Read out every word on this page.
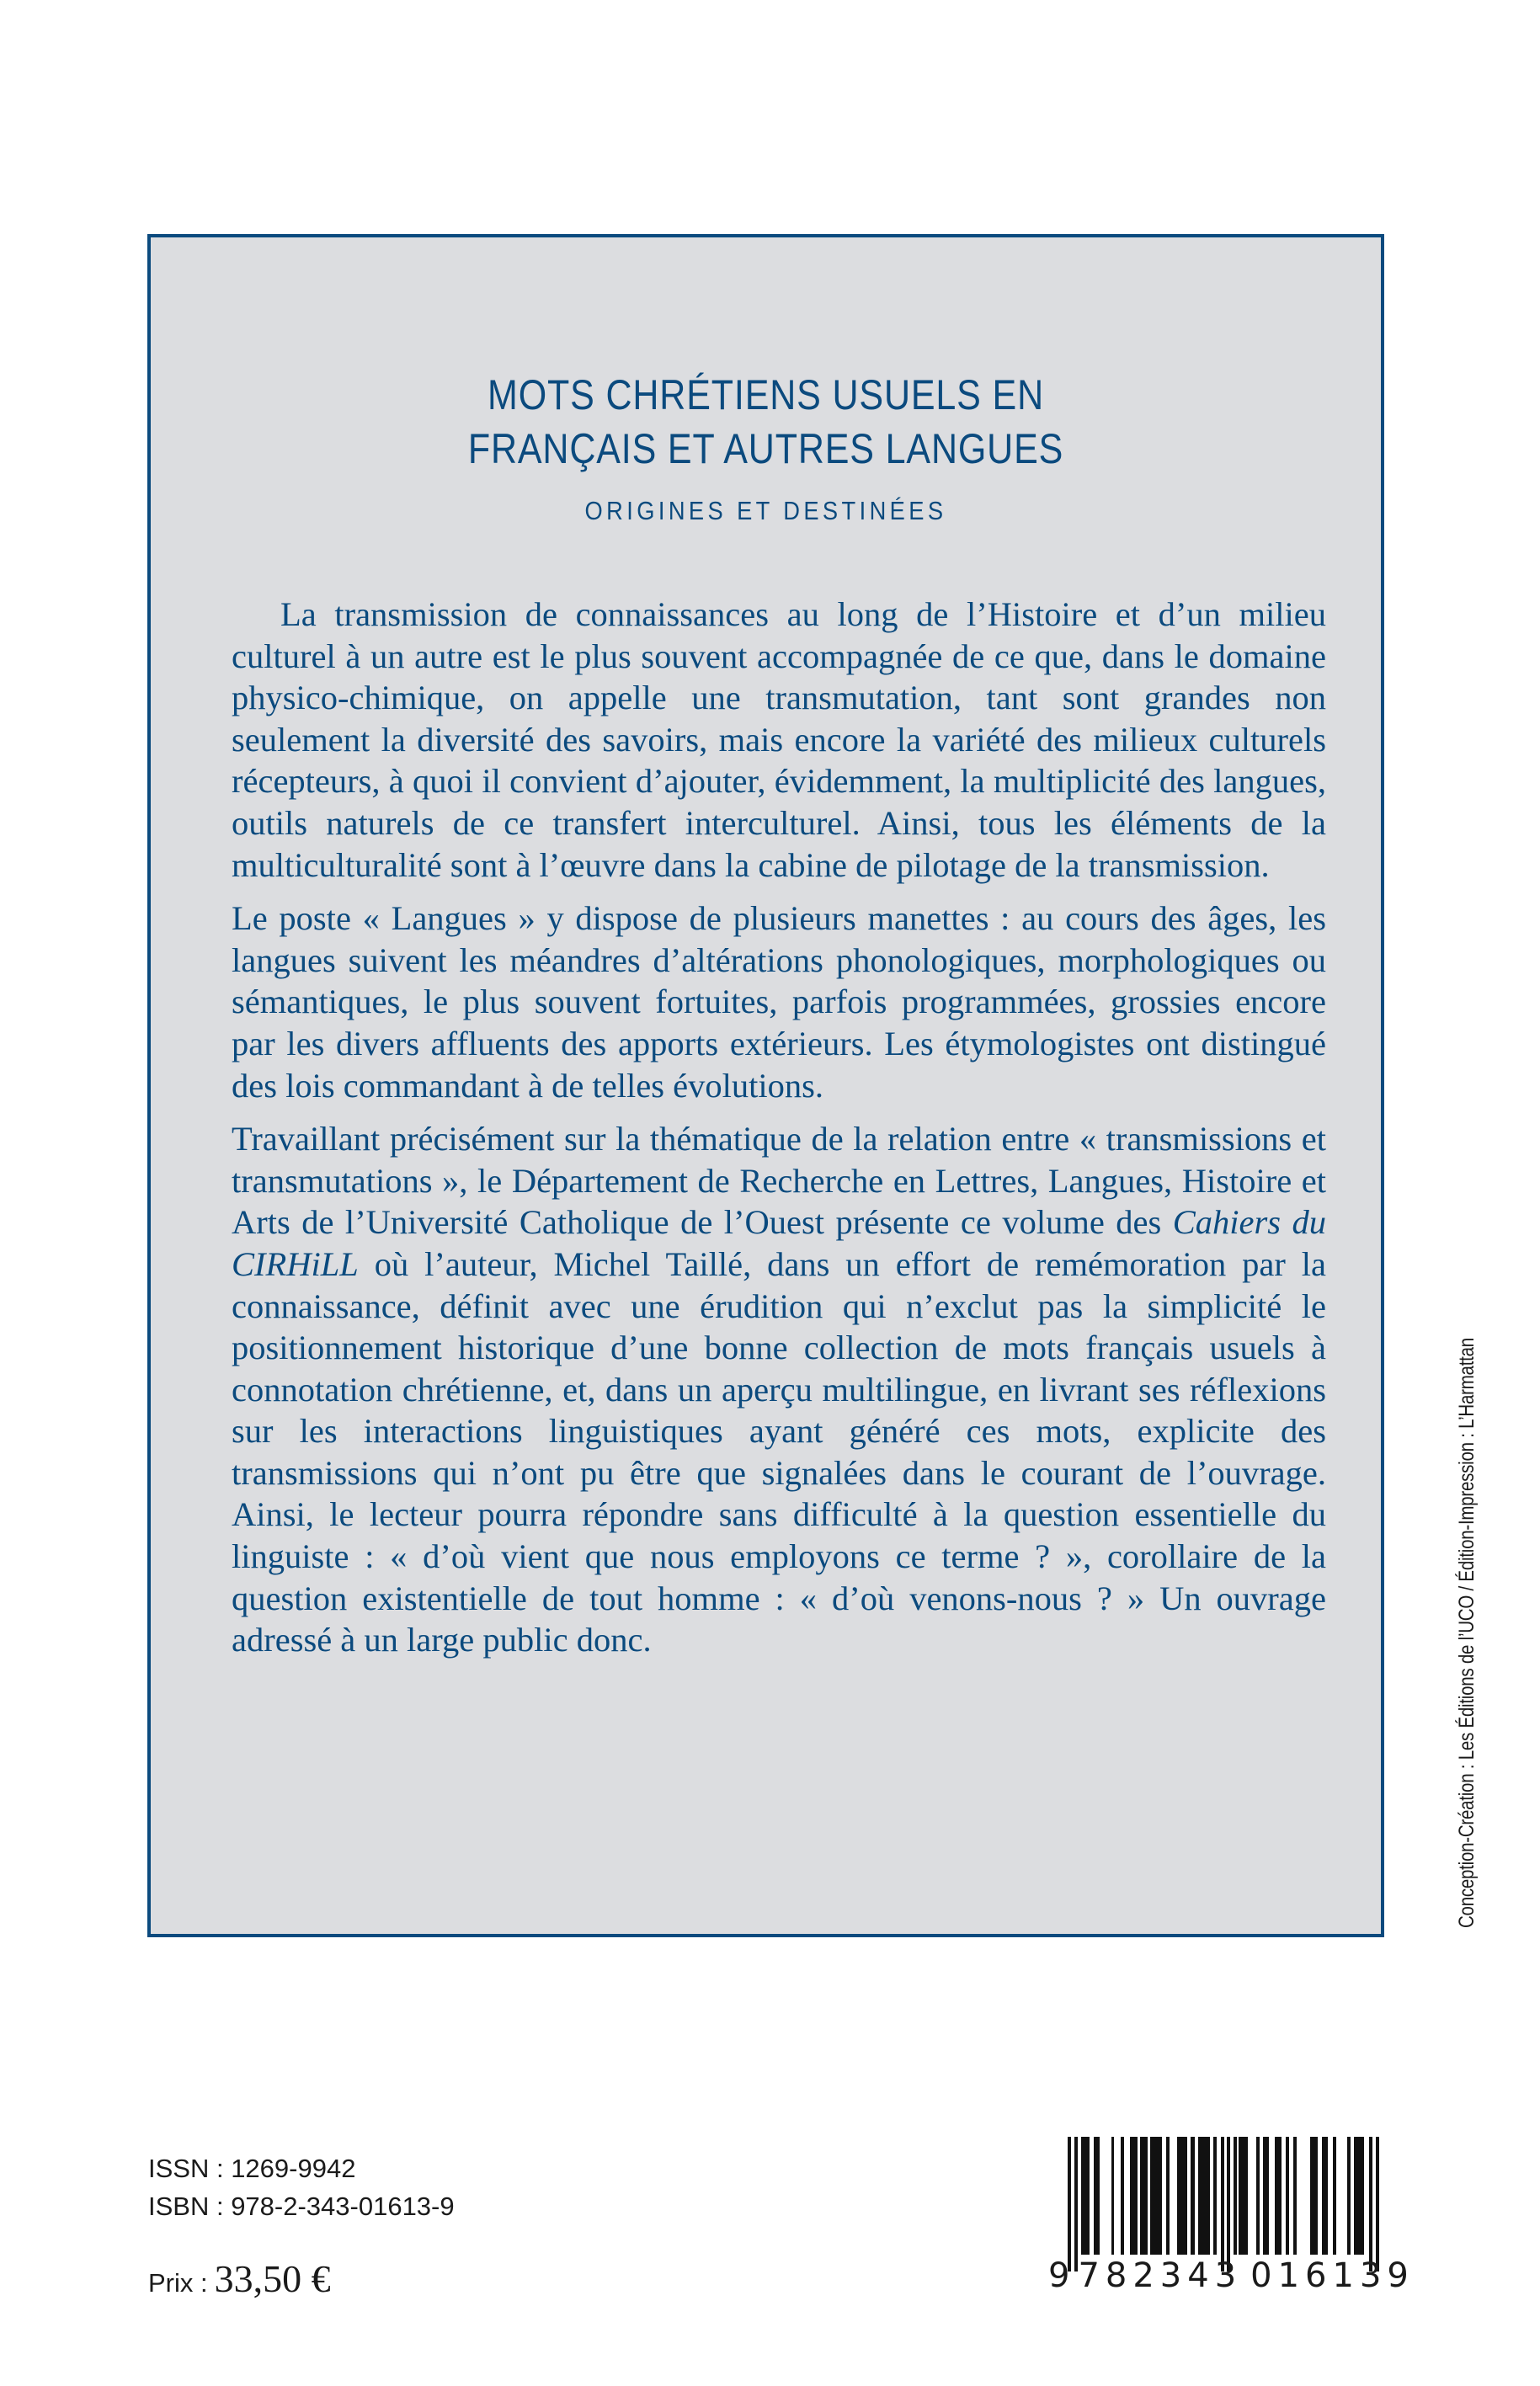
MOTS CHRÉTIENS USUELS EN
FRANÇAIS ET AUTRES LANGUES
ORIGINES ET DESTINÉES

La transmission de connaissances au long de l’Histoire et d’un milieu culturel à un autre est le plus souvent accompagnée de ce que, dans le domaine physico-chimique, on appelle une transmutation, tant sont grandes non seulement la diversité des savoirs, mais encore la variété des milieux culturels récepteurs, à quoi il convient d’ajouter, évidemment, la multiplicité des langues, outils naturels de ce transfert interculturel. Ainsi, tous les éléments de la multiculturalité sont à l’œuvre dans la cabine de pilotage de la transmission.

Le poste « Langues » y dispose de plusieurs manettes : au cours des âges, les langues suivent les méandres d’altérations phonologiques, morphologiques ou sémantiques, le plus souvent fortuites, parfois programmées, grossies encore par les divers affluents des apports extérieurs. Les étymologistes ont distingué des lois commandant à de telles évolutions.

Travaillant précisément sur la thématique de la relation entre « transmissions et transmutations », le Département de Recherche en Lettres, Langues, Histoire et Arts de l’Université Catholique de l’Ouest présente ce volume des Cahiers du CIRHiLL où l’auteur, Michel Taillé, dans un effort de remémoration par la connaissance, définit avec une érudition qui n’exclut pas la simplicité le positionnement historique d’une bonne collection de mots français usuels à connotation chrétienne, et, dans un aperçu multilingue, en livrant ses réflexions sur les interactions linguistiques ayant généré ces mots, explicite des transmissions qui n’ont pu être que signalées dans le courant de l’ouvrage. Ainsi, le lecteur pourra répondre sans difficulté à la question essentielle du linguiste : « d’où vient que nous employons ce terme ? », corollaire de la question existentielle de tout homme : « d’où venons-nous ? » Un ouvrage adressé à un large public donc.

ISSN : 1269-9942
ISBN : 978-2-343-01613-9
Prix : 33,50 €	9 782343 016139
Conception-Création : Les Éditions de l’UCO / Édition-Impression : L’Harmattan
